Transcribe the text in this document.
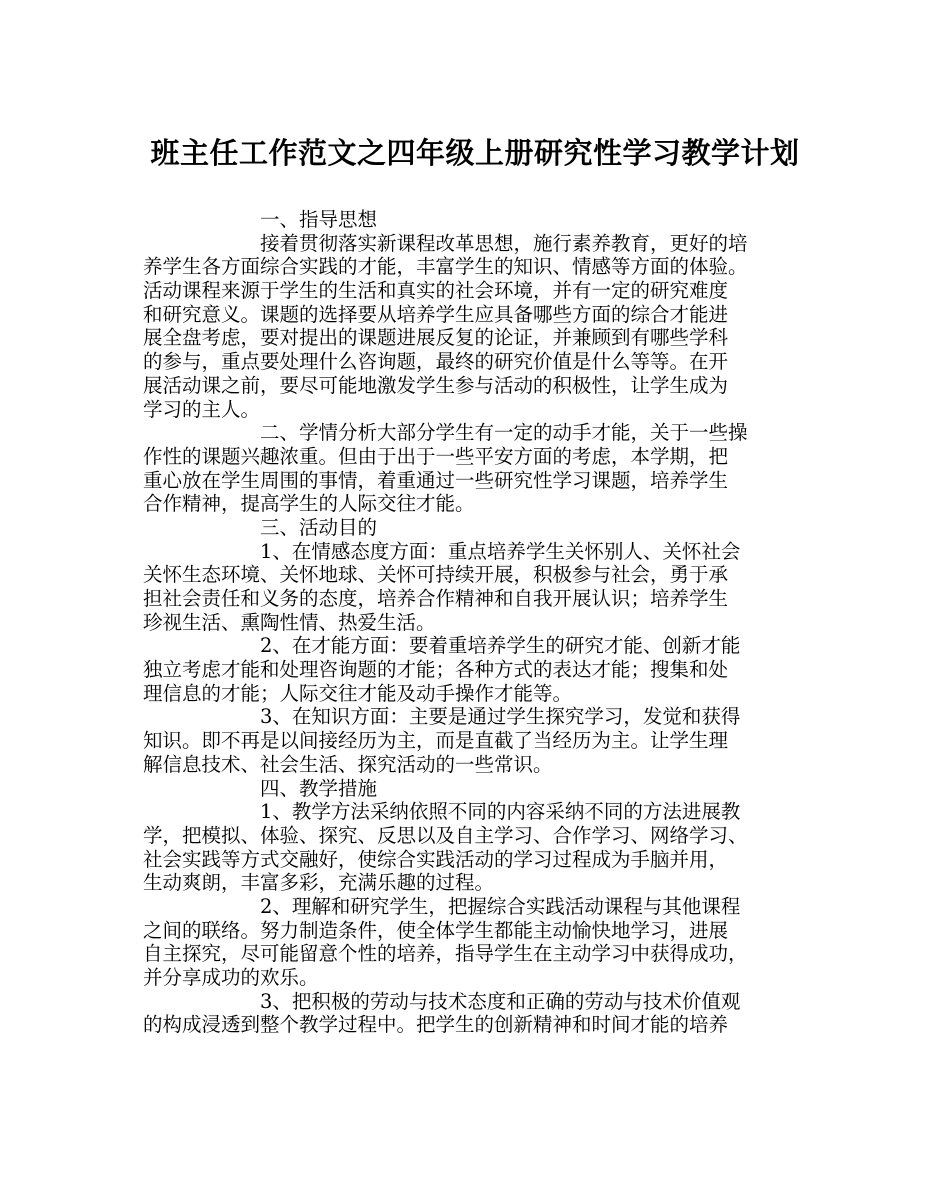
班主任工作范文之四年级上册研究性学习教学计划
一、指导思想
接着贯彻落实新课程改革思想，施行素养教育，更好的培
养学生各方面综合实践的才能，丰富学生的知识、情感等方面的体验。
活动课程来源于学生的生活和真实的社会环境，并有一定的研究难度
和研究意义。课题的选择要从培养学生应具备哪些方面的综合才能进
展全盘考虑，要对提出的课题进展反复的论证，并兼顾到有哪些学科
的参与，重点要处理什么咨询题，最终的研究价值是什么等等。在开
展活动课之前，要尽可能地激发学生参与活动的积极性，让学生成为
学习的主人。
二、学情分析大部分学生有一定的动手才能，关于一些操
作性的课题兴趣浓重。但由于出于一些平安方面的考虑，本学期，把
重心放在学生周围的事情，着重通过一些研究性学习课题，培养学生
合作精神，提高学生的人际交往才能。
三、活动目的
1、在情感态度方面：重点培养学生关怀别人、关怀社会
关怀生态环境、关怀地球、关怀可持续开展，积极参与社会，勇于承
担社会责任和义务的态度，培养合作精神和自我开展认识；培养学生
珍视生活、熏陶性情、热爱生活。
2、在才能方面：要着重培养学生的研究才能、创新才能
独立考虑才能和处理咨询题的才能；各种方式的表达才能；搜集和处
理信息的才能；人际交往才能及动手操作才能等。
3、在知识方面：主要是通过学生探究学习，发觉和获得
知识。即不再是以间接经历为主，而是直截了当经历为主。让学生理
解信息技术、社会生活、探究活动的一些常识。
四、教学措施
1、教学方法采纳依照不同的内容采纳不同的方法进展教
学，把模拟、体验、探究、反思以及自主学习、合作学习、网络学习、
社会实践等方式交融好，使综合实践活动的学习过程成为手脑并用，
生动爽朗，丰富多彩，充满乐趣的过程。
2、理解和研究学生，把握综合实践活动课程与其他课程
之间的联络。努力制造条件，使全体学生都能主动愉快地学习，进展
自主探究，尽可能留意个性的培养，指导学生在主动学习中获得成功，
并分享成功的欢乐。
3、把积极的劳动与技术态度和正确的劳动与技术价值观
的构成浸透到整个教学过程中。把学生的创新精神和时间才能的培养
